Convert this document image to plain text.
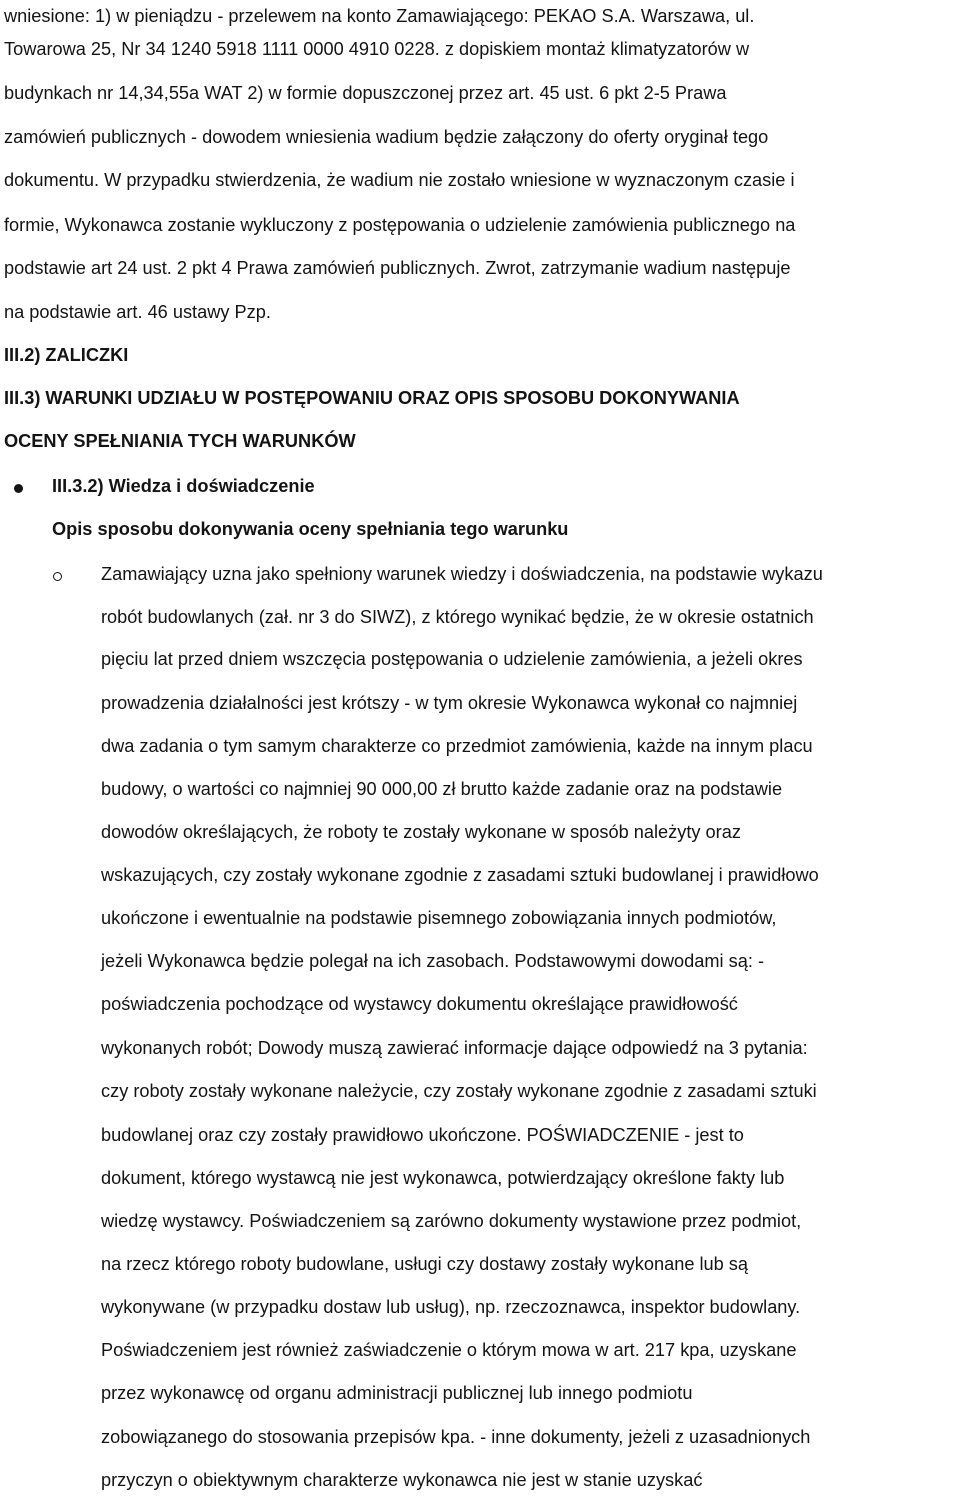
wniesione: 1) w pieniądzu - przelewem na konto Zamawiającego: PEKAO S.A. Warszawa, ul.
Towarowa 25, Nr 34 1240 5918 1111 0000 4910 0228. z dopiskiem montaż klimatyzatorów w
budynkach nr 14,34,55a WAT 2) w formie dopuszczonej przez art. 45 ust. 6 pkt 2-5 Prawa
zamówień publicznych - dowodem wniesienia wadium będzie załączony do oferty oryginał tego
dokumentu. W przypadku stwierdzenia, że wadium nie zostało wniesione w wyznaczonym czasie i
formie, Wykonawca zostanie wykluczony z postępowania o udzielenie zamówienia publicznego na
podstawie art 24 ust. 2 pkt 4 Prawa zamówień publicznych. Zwrot, zatrzymanie wadium następuje
na podstawie art. 46 ustawy Pzp.
III.2) ZALICZKI
III.3) WARUNKI UDZIAŁU W POSTĘPOWANIU ORAZ OPIS SPOSOBU DOKONYWANIA
OCENY SPEŁNIANIA TYCH WARUNKÓW
III.3.2) Wiedza i doświadczenie
Opis sposobu dokonywania oceny spełniania tego warunku
Zamawiający uzna jako spełniony warunek wiedzy i doświadczenia, na podstawie wykazu
robót budowlanych (zał. nr 3 do SIWZ), z którego wynikać będzie, że w okresie ostatnich
pięciu lat przed dniem wszczęcia postępowania o udzielenie zamówienia, a jeżeli okres
prowadzenia działalności jest krótszy - w tym okresie Wykonawca wykonał co najmniej
dwa zadania o tym samym charakterze co przedmiot zamówienia, każde na innym placu
budowy, o wartości co najmniej 90 000,00 zł brutto każde zadanie oraz na podstawie
dowodów określających, że roboty te zostały wykonane w sposób należyty oraz
wskazujących, czy zostały wykonane zgodnie z zasadami sztuki budowlanej i prawidłowo
ukończone i ewentualnie na podstawie pisemnego zobowiązania innych podmiotów,
jeżeli Wykonawca będzie polegał na ich zasobach. Podstawowymi dowodami są: -
poświadczenia pochodzące od wystawcy dokumentu określające prawidłowość
wykonanych robót; Dowody muszą zawierać informacje dające odpowiedź na 3 pytania:
czy roboty zostały wykonane należycie, czy zostały wykonane zgodnie z zasadami sztuki
budowlanej oraz czy zostały prawidłowo ukończone. POŚWIADCZENIE - jest to
dokument, którego wystawcą nie jest wykonawca, potwierdzający określone fakty lub
wiedzę wystawcy. Poświadczeniem są zarówno dokumenty wystawione przez podmiot,
na rzecz którego roboty budowlane, usługi czy dostawy zostały wykonane lub są
wykonywane (w przypadku dostaw lub usług), np. rzeczoznawca, inspektor budowlany.
Poświadczeniem jest również zaświadczenie o którym mowa w art. 217 kpa, uzyskane
przez wykonawcę od organu administracji publicznej lub innego podmiotu
zobowiązanego do stosowania przepisów kpa. - inne dokumenty, jeżeli z uzasadnionych
przyczyn o obiektywnym charakterze wykonawca nie jest w stanie uzyskać
